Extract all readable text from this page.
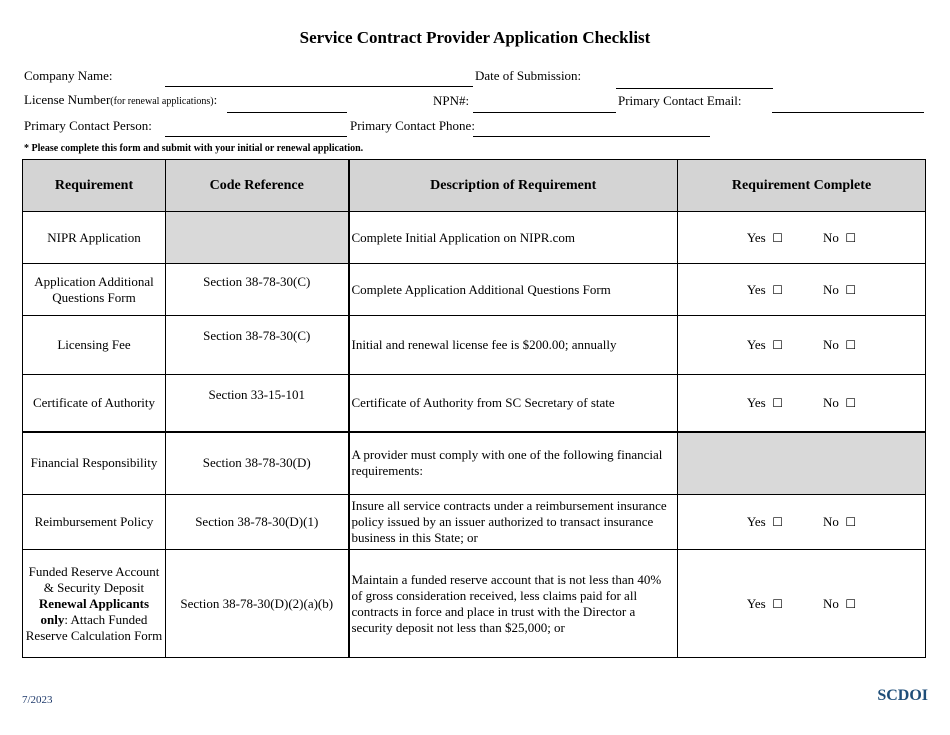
Service Contract Provider Application Checklist
Company Name:	Date of Submission:
License Number(for renewal applications):	NPN#:	Primary Contact Email:
Primary Contact Person:	Primary Contact Phone:
* Please complete this form and submit with your initial or renewal application.
Requirement	Code Reference	Description of Requirement	Requirement Complete
NIPR Application		Complete Initial Application on NIPR.com	Yes ☐ No ☐

Application Additional Questions Form	Section 38-78-30(C)	Complete Application Additional Questions Form	Yes ☐ No ☐

Licensing Fee	Section 38-78-30(C)	Initial and renewal license fee is $200.00; annually	Yes ☐ No ☐

Certificate of Authority	Section 33-15-101	Certificate of Authority from SC Secretary of state	Yes ☐ No ☐

Financial Responsibility	Section 38-78-30(D)	A provider must comply with one of the following financial requirements:	
Reimbursement Policy	Section 38-78-30(D)(1)	Insure all service contracts under a reimbursement insurance policy issued by an issuer authorized to transact insurance business in this State; or	Yes ☐ No ☐

Funded Reserve Account & Security Deposit
Renewal Applicants only: Attach Funded Reserve Calculation Form	Section 38-78-30(D)(2)(a)(b)	Maintain a funded reserve account that is not less than 40% of gross consideration received, less claims paid for all contracts in force and place in trust with the Director a security deposit not less than $25,000; or	Yes ☐ No ☐
7/2023	SCDOI
